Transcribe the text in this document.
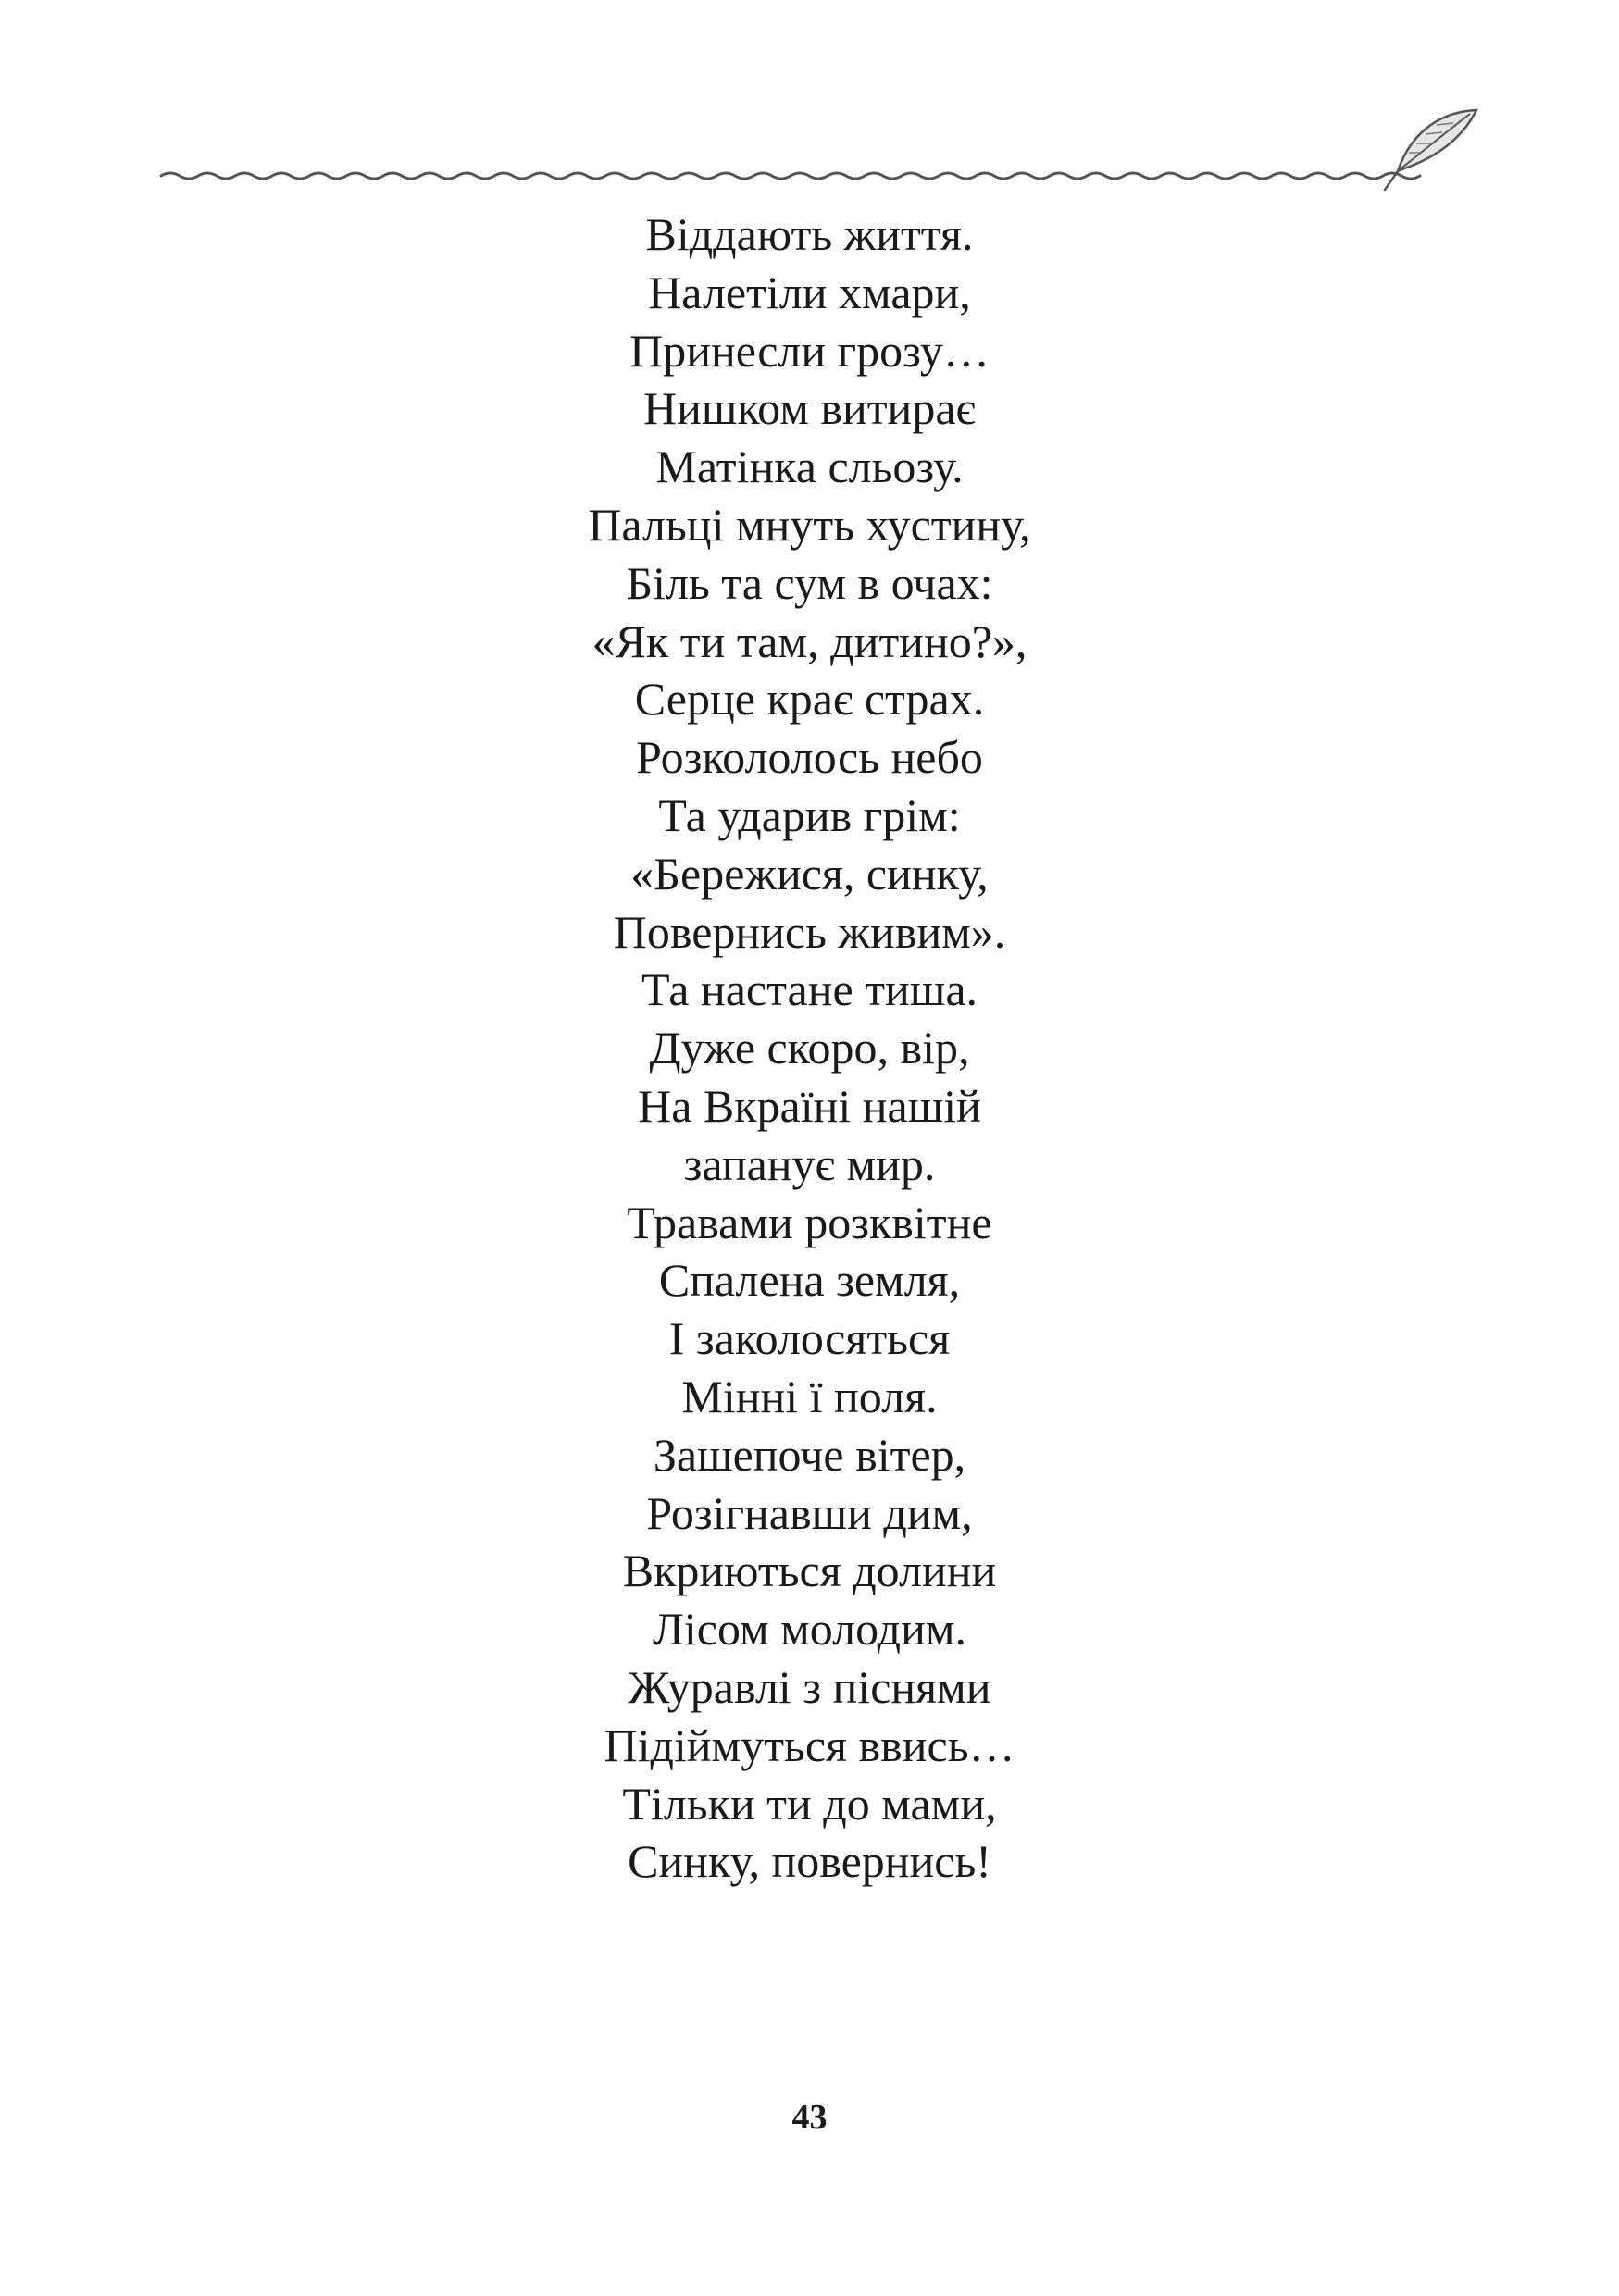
Віддають життя.
Налетіли хмари,
Принесли грозу…
Нишком витирає
Матінка сльозу.
Пальці мнуть хустину,
Біль та сум в очах:
«Як ти там, дитино?»,
Серце крає страх.
Розкололось небо
Та ударив грім:
«Бережися, синку,
Повернись живим».
Та настане тиша.
Дуже скоро, вір,
На Вкраїні нашій
запанує мир.
Травами розквітне
Спалена земля,
І заколосяться
Мінні ї поля.
Зашепоче вітер,
Розігнавши дим,
Вкриються долини
Лісом молодим.
Журавлі з піснями
Підіймуться ввись…
Тільки ти до мами,
Синку, повернись!
43
